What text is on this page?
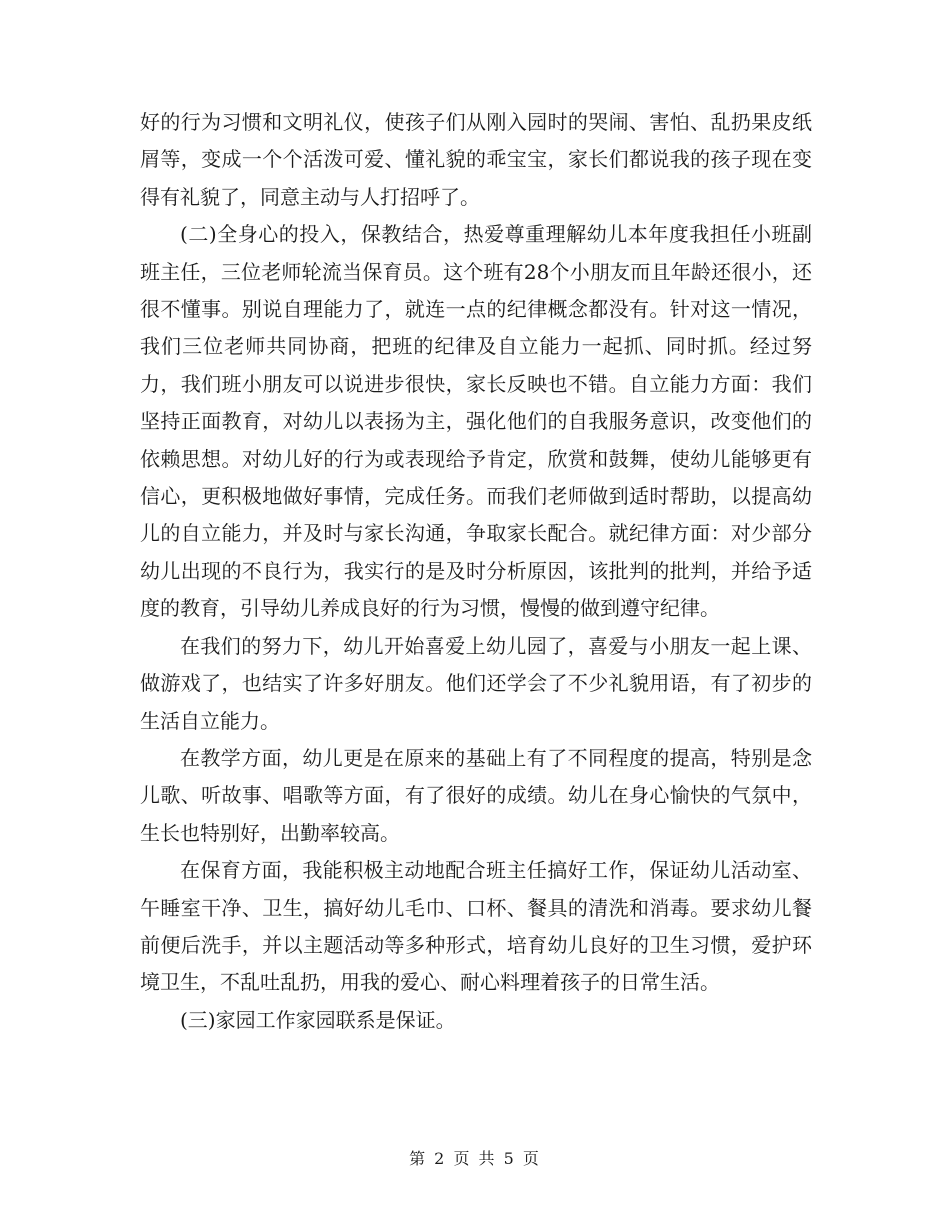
好的行为习惯和文明礼仪，使孩子们从刚入园时的哭闹、害怕、乱扔果皮纸屑等，变成一个个活泼可爱、懂礼貌的乖宝宝，家长们都说我的孩子现在变得有礼貌了，同意主动与人打招呼了。

(二)全身心的投入，保教结合，热爱尊重理解幼儿本年度我担任小班副班主任，三位老师轮流当保育员。这个班有28个小朋友而且年龄还很小，还很不懂事。别说自理能力了，就连一点的纪律概念都没有。针对这一情况，我们三位老师共同协商，把班的纪律及自立能力一起抓、同时抓。经过努力，我们班小朋友可以说进步很快，家长反映也不错。自立能力方面：我们坚持正面教育，对幼儿以表扬为主，强化他们的自我服务意识，改变他们的依赖思想。对幼儿好的行为或表现给予肯定，欣赏和鼓舞，使幼儿能够更有信心，更积极地做好事情，完成任务。而我们老师做到适时帮助，以提高幼儿的自立能力，并及时与家长沟通，争取家长配合。就纪律方面：对少部分幼儿出现的不良行为，我实行的是及时分析原因，该批判的批判，并给予适度的教育，引导幼儿养成良好的行为习惯，慢慢的做到遵守纪律。

在我们的努力下，幼儿开始喜爱上幼儿园了，喜爱与小朋友一起上课、做游戏了，也结实了许多好朋友。他们还学会了不少礼貌用语，有了初步的生活自立能力。

在教学方面，幼儿更是在原来的基础上有了不同程度的提高，特别是念儿歌、听故事、唱歌等方面，有了很好的成绩。幼儿在身心愉快的气氛中，生长也特别好，出勤率较高。

在保育方面，我能积极主动地配合班主任搞好工作，保证幼儿活动室、午睡室干净、卫生，搞好幼儿毛巾、口杯、餐具的清洗和消毒。要求幼儿餐前便后洗手，并以主题活动等多种形式，培育幼儿良好的卫生习惯，爱护环境卫生，不乱吐乱扔，用我的爱心、耐心料理着孩子的日常生活。

(三)家园工作家园联系是保证。

第 2 页 共 5 页
